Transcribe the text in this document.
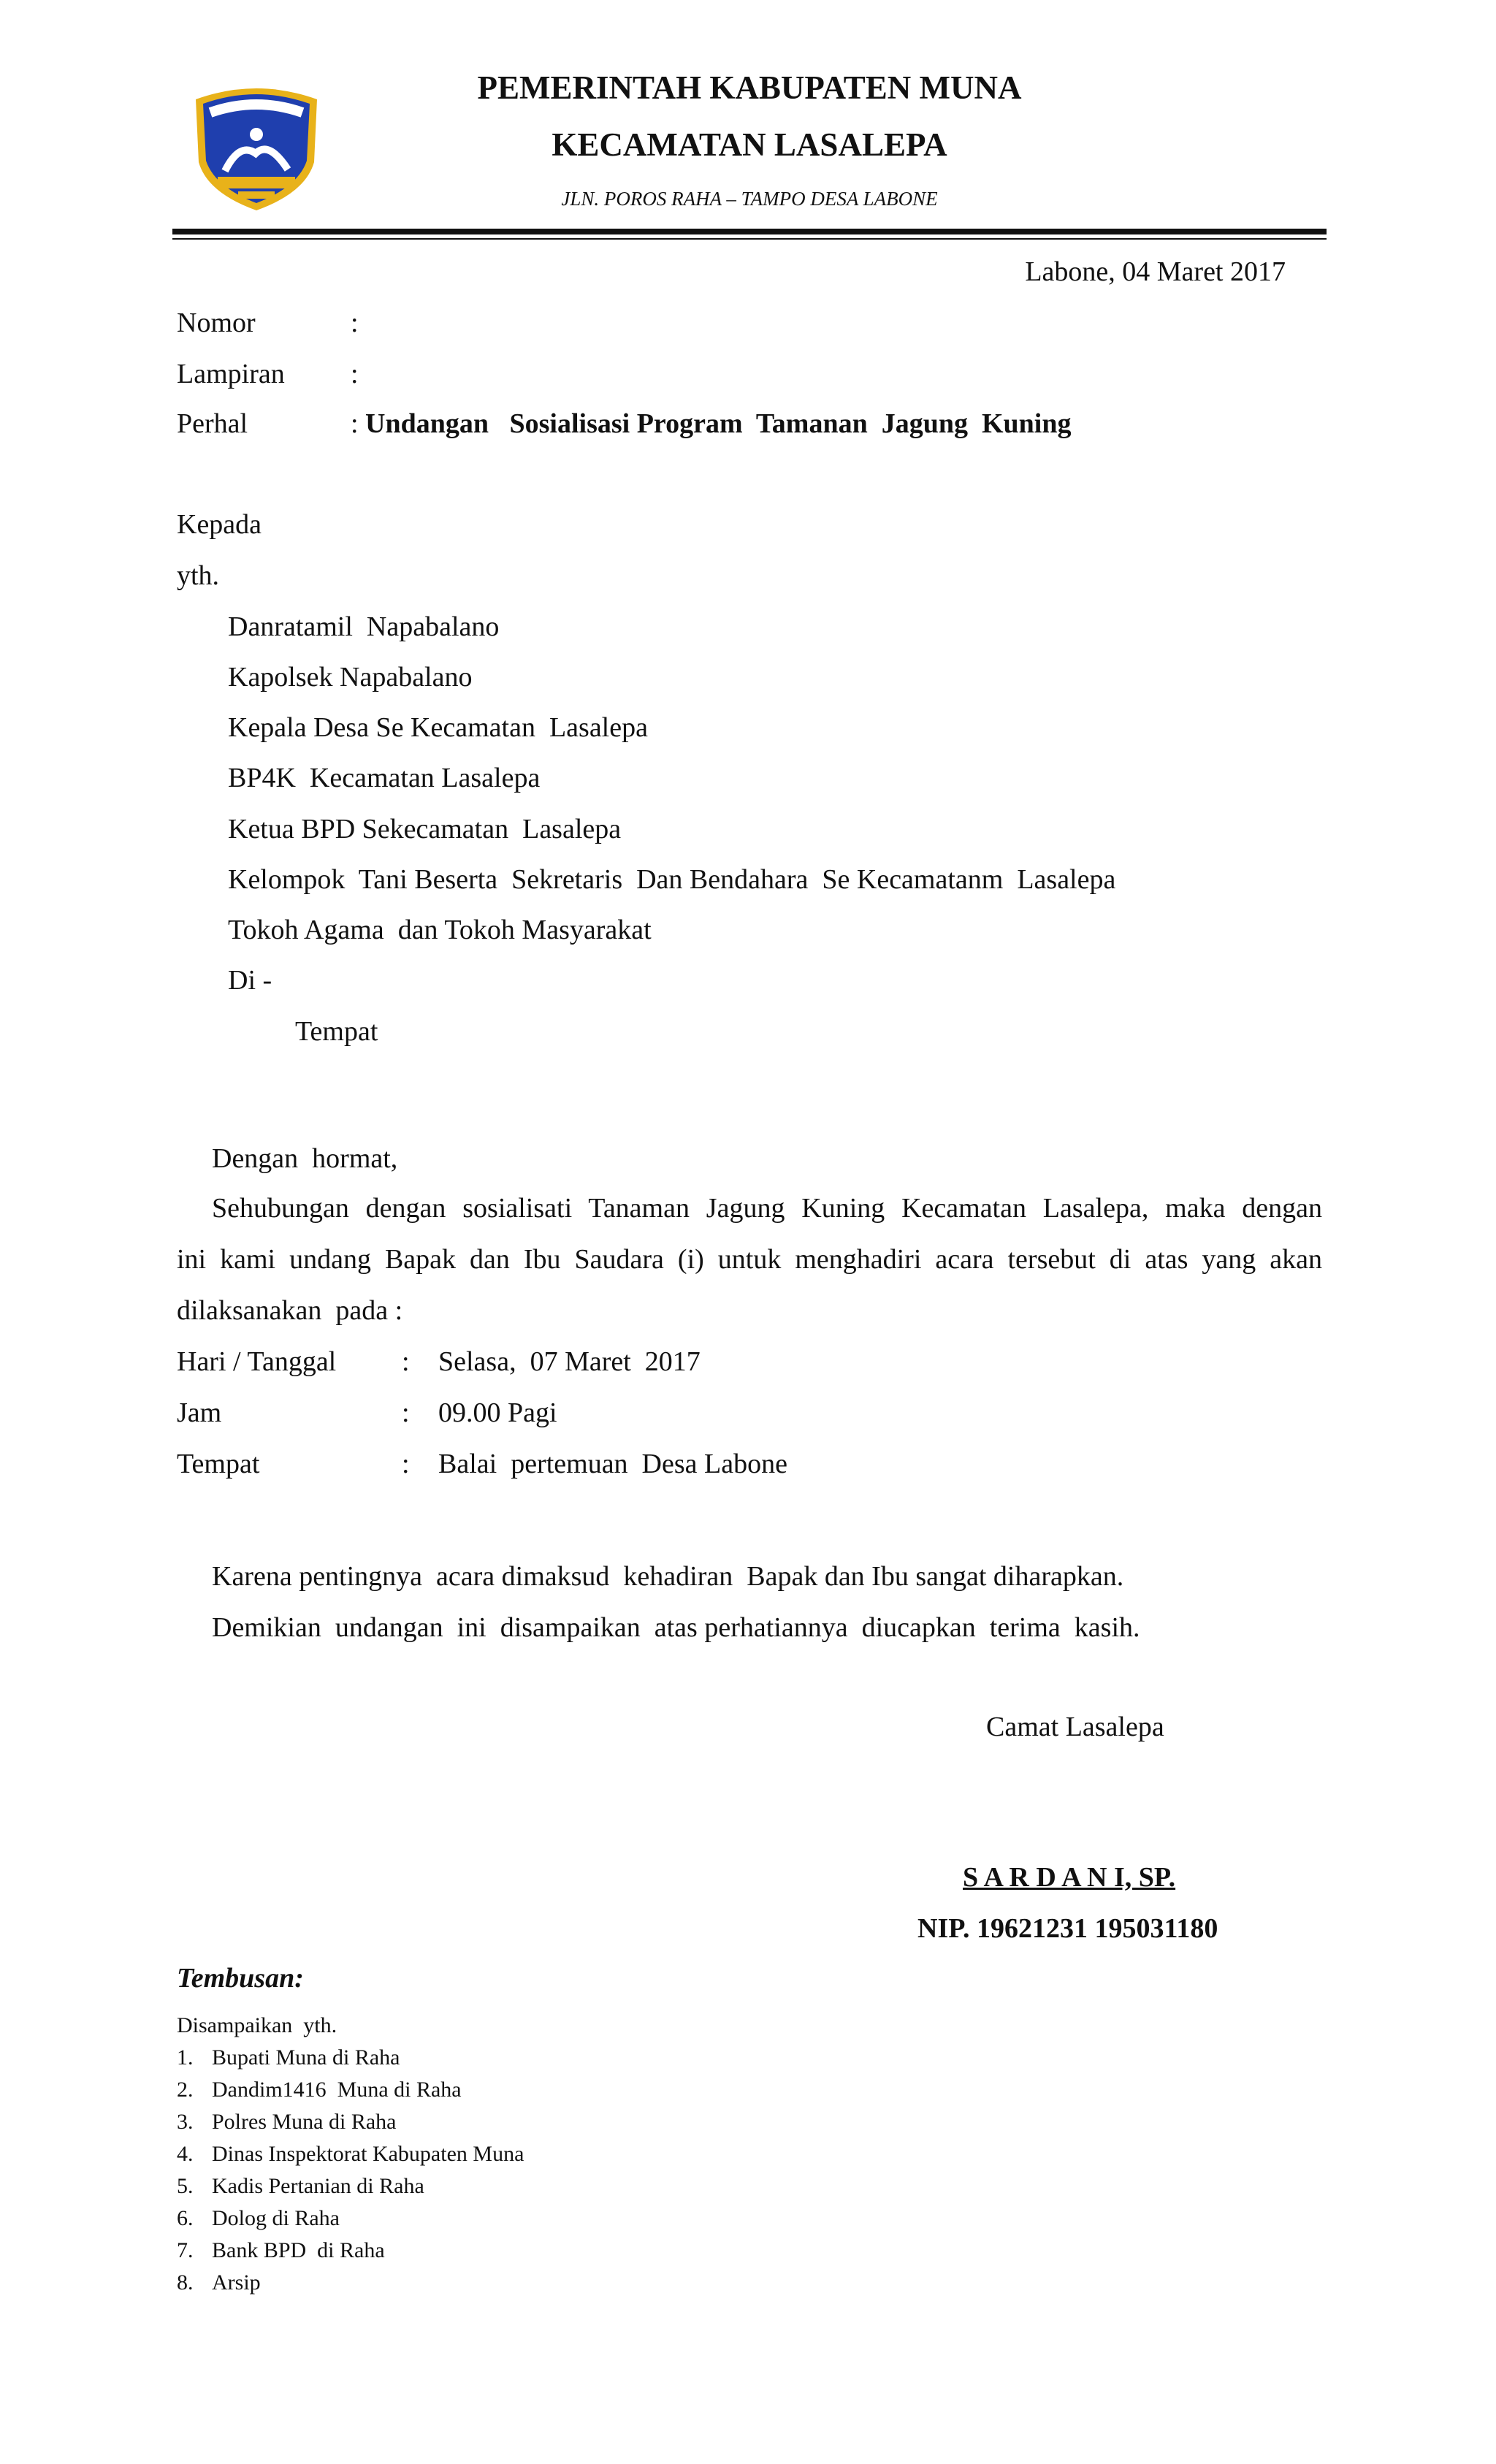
PEMERINTAH KABUPATEN MUNA
KECAMATAN LASALEPA
JLN. POROS RAHA – TAMPO DESA LABONE
Labone, 04 Maret 2017
Nomor	:
Lampiran :
Perhal	: Undangan   Sosialisasi Program  Tamanan  Jagung  Kuning
Kepada
yth.
Danratamil  Napabalano
Kapolsek Napabalano
Kepala Desa Se Kecamatan  Lasalepa
BP4K  Kecamatan Lasalepa
Ketua BPD Sekecamatan  Lasalepa
Kelompok  Tani Beserta  Sekretaris  Dan Bendahara  Se Kecamatanm  Lasalepa
Tokoh Agama  dan Tokoh Masyarakat
Di -
Tempat
Dengan  hormat,
Sehubungan dengan sosialisati Tanaman Jagung Kuning Kecamatan Lasalepa, maka dengan
ini kami undang Bapak dan Ibu Saudara (i) untuk menghadiri acara tersebut di atas yang akan
dilaksanakan  pada :
Hari / Tanggal : Selasa,  07 Maret  2017
Jam	: 09.00 Pagi
Tempat	: Balai  pertemuan  Desa Labone
Karena pentingnya  acara dimaksud  kehadiran  Bapak dan Ibu sangat diharapkan.
Demikian  undangan  ini  disampaikan  atas perhatiannya  diucapkan  terima  kasih.
Camat Lasalepa
S A R D A N I, SP.
NIP. 19621231 195031180
Tembusan:
Disampaikan  yth.
1. Bupati Muna di Raha
2. Dandim1416  Muna di Raha
3. Polres Muna di Raha
4. Dinas Inspektorat Kabupaten Muna
5. Kadis Pertanian di Raha
6. Dolog di Raha
7. Bank BPD  di Raha
8. Arsip
